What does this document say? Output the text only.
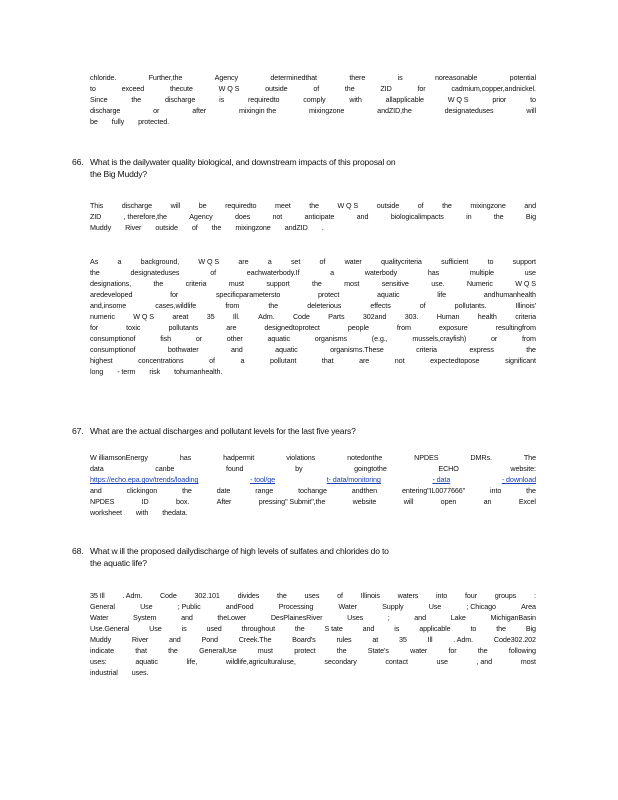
chloride.	Further,the	Agency	determinedthat	there	is	noreasonable	potential
to	exceed	thecute	W Q S	outside	of	the	ZID	for	cadmium,copper,andnickel.
Since	the	discharge	is	requiredto	comply	with	allapplicable	W Q S	prior	to
discharge	or	after	mixingin the	mixingzone	andZID,the	designateduses	will
be fully protected.
66. What is the dailywater quality biological, and downstream impacts of this proposal on
the Big Muddy?
This	discharge	will	be	requiredto	meet	the	W Q S	outside	of	the	mixingzone	and
ZID	, therefore,the	Agency	does	not	anticipate	and	biologicalimpacts	in	the	Big
Muddy River outside of the mixingzone andZID .
As	a	background,	W Q S	are	a	set	of	water	qualitycriteria	sufficient	to	support
the	designateduses	of	eachwaterbody.If	a	waterbody	has	multiple	use
designations,	the	criteria	must	support	the	most	sensitive	use.	Numeric	W Q S
aredeveloped	for	specificparametersto	protect	aquatic	life	andhumanhealth
and,insome	cases,wildlife	from	the	deleterious	effects	of	pollutants.	Illinois'
numeric	W Q S	areat	35	Ill.	Adm.	Code	Parts	302and	303.	Human	health	criteria
for	toxic	pollutants	are	designedtoprotect	people	from	exposure	resultingfrom
consumptionof	fish	or	other	aquatic	organisms	(e.g.,	mussels,crayfish)	or	from
consumptionof	bothwater	and	aquatic	organisms.These	criteria	express	the
highest	concentrations	of	a	pollutant	that	are	not	expectedtopose	significant
long - term risk tohumanhealth.
67. What are the actual discharges and pollutant levels for the last five years?
W illiamsonEnergy	has	hadpermit	violations	notedonthe	NPDES	DMRs.	The
data	canbe	found	by	goingtothe	ECHO	website:
https://echo.epa.gov/trends/loading	- tool/ge	t- data/monitoring	- data	- download
and	clickingon	the	date	range	tochange	andthen	entering"IL0077666"	into	the
NPDES	ID	box.	After	pressing" Submit",the	website	will	open	an	Excel
worksheet with thedata.
68. What w ill the proposed dailydischarge of high levels of sulfates and chlorides do to
the aquatic life?
35 Ill . Adm. Code 302.101 divides the uses of Illinois waters into four groups :
General	Use	; Public	andFood	Processing	Water	Supply	Use	; Chicago	Area
Water	System	and	theLower	DesPlainesRiver	Uses	;	and	Lake	MichiganBasin
Use.General	Use	is	used	throughout	the	S tate	and	is	applicable	to	the	Big
Muddy	River	and	Pond	Creek.The	Board's	rules	at	35	Ill	. Adm.	Code302.202
indicate	that	the	GeneralUse	must	protect	the	State's	water	for	the	following
uses:	aquatic	life,	wildlife,agriculturaluse,	secondary	contact	use	, and	most
industrial uses.
